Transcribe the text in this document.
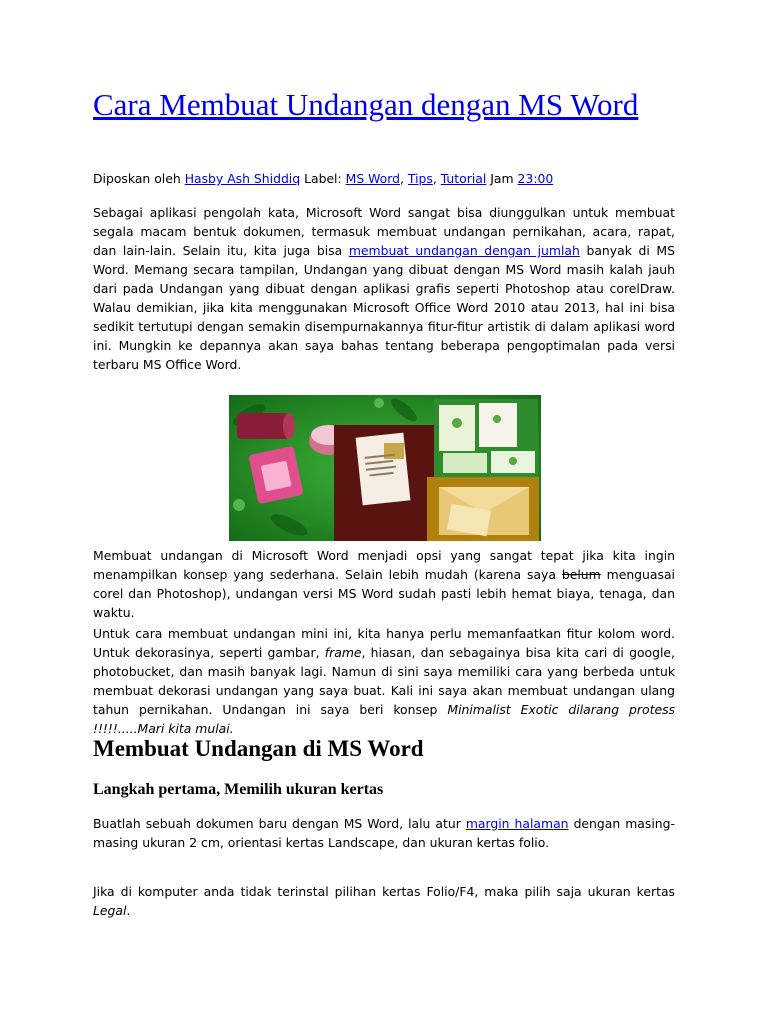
Cara Membuat Undangan dengan MS Word
Diposkan oleh Hasby Ash Shiddiq Label: MS Word, Tips, Tutorial Jam 23:00

Sebagai aplikasi pengolah kata, Microsoft Word sangat bisa diunggulkan untuk membuat segala macam bentuk dokumen, termasuk membuat undangan pernikahan, acara, rapat, dan lain-lain. Selain itu, kita juga bisa membuat undangan dengan jumlah banyak di MS Word. Memang secara tampilan, Undangan yang dibuat dengan MS Word masih kalah jauh dari pada Undangan yang dibuat dengan aplikasi grafis seperti Photoshop atau corelDraw. Walau demikian, jika kita menggunakan Microsoft Office Word 2010 atau 2013, hal ini bisa sedikit tertutupi dengan semakin disempurnakannya fitur-fitur artistik di dalam aplikasi word ini. Mungkin ke depannya akan saya bahas tentang beberapa pengoptimalan pada versi terbaru MS Office Word.

Membuat undangan di Microsoft Word menjadi opsi yang sangat tepat jika kita ingin menampilkan konsep yang sederhana. Selain lebih mudah (karena saya belum menguasai corel dan Photoshop), undangan versi MS Word sudah pasti lebih hemat biaya, tenaga, dan waktu.

Untuk cara membuat undangan mini ini, kita hanya perlu memanfaatkan fitur kolom word. Untuk dekorasinya, seperti gambar, frame, hiasan, dan sebagainya bisa kita cari di google, photobucket, dan masih banyak lagi. Namun di sini saya memiliki cara yang berbeda untuk membuat dekorasi undangan yang saya buat. Kali ini saya akan membuat undangan ulang tahun pernikahan. Undangan ini saya beri konsep Minimalist Exotic dilarang protess !!!!!.....Mari kita mulai.

Membuat Undangan di MS Word
Langkah pertama, Memilih ukuran kertas

Buatlah sebuah dokumen baru dengan MS Word, lalu atur margin halaman dengan masing-masing ukuran 2 cm, orientasi kertas Landscape, dan ukuran kertas folio.

Jika di komputer anda tidak terinstal pilihan kertas Folio/F4, maka pilih saja ukuran kertas Legal.
